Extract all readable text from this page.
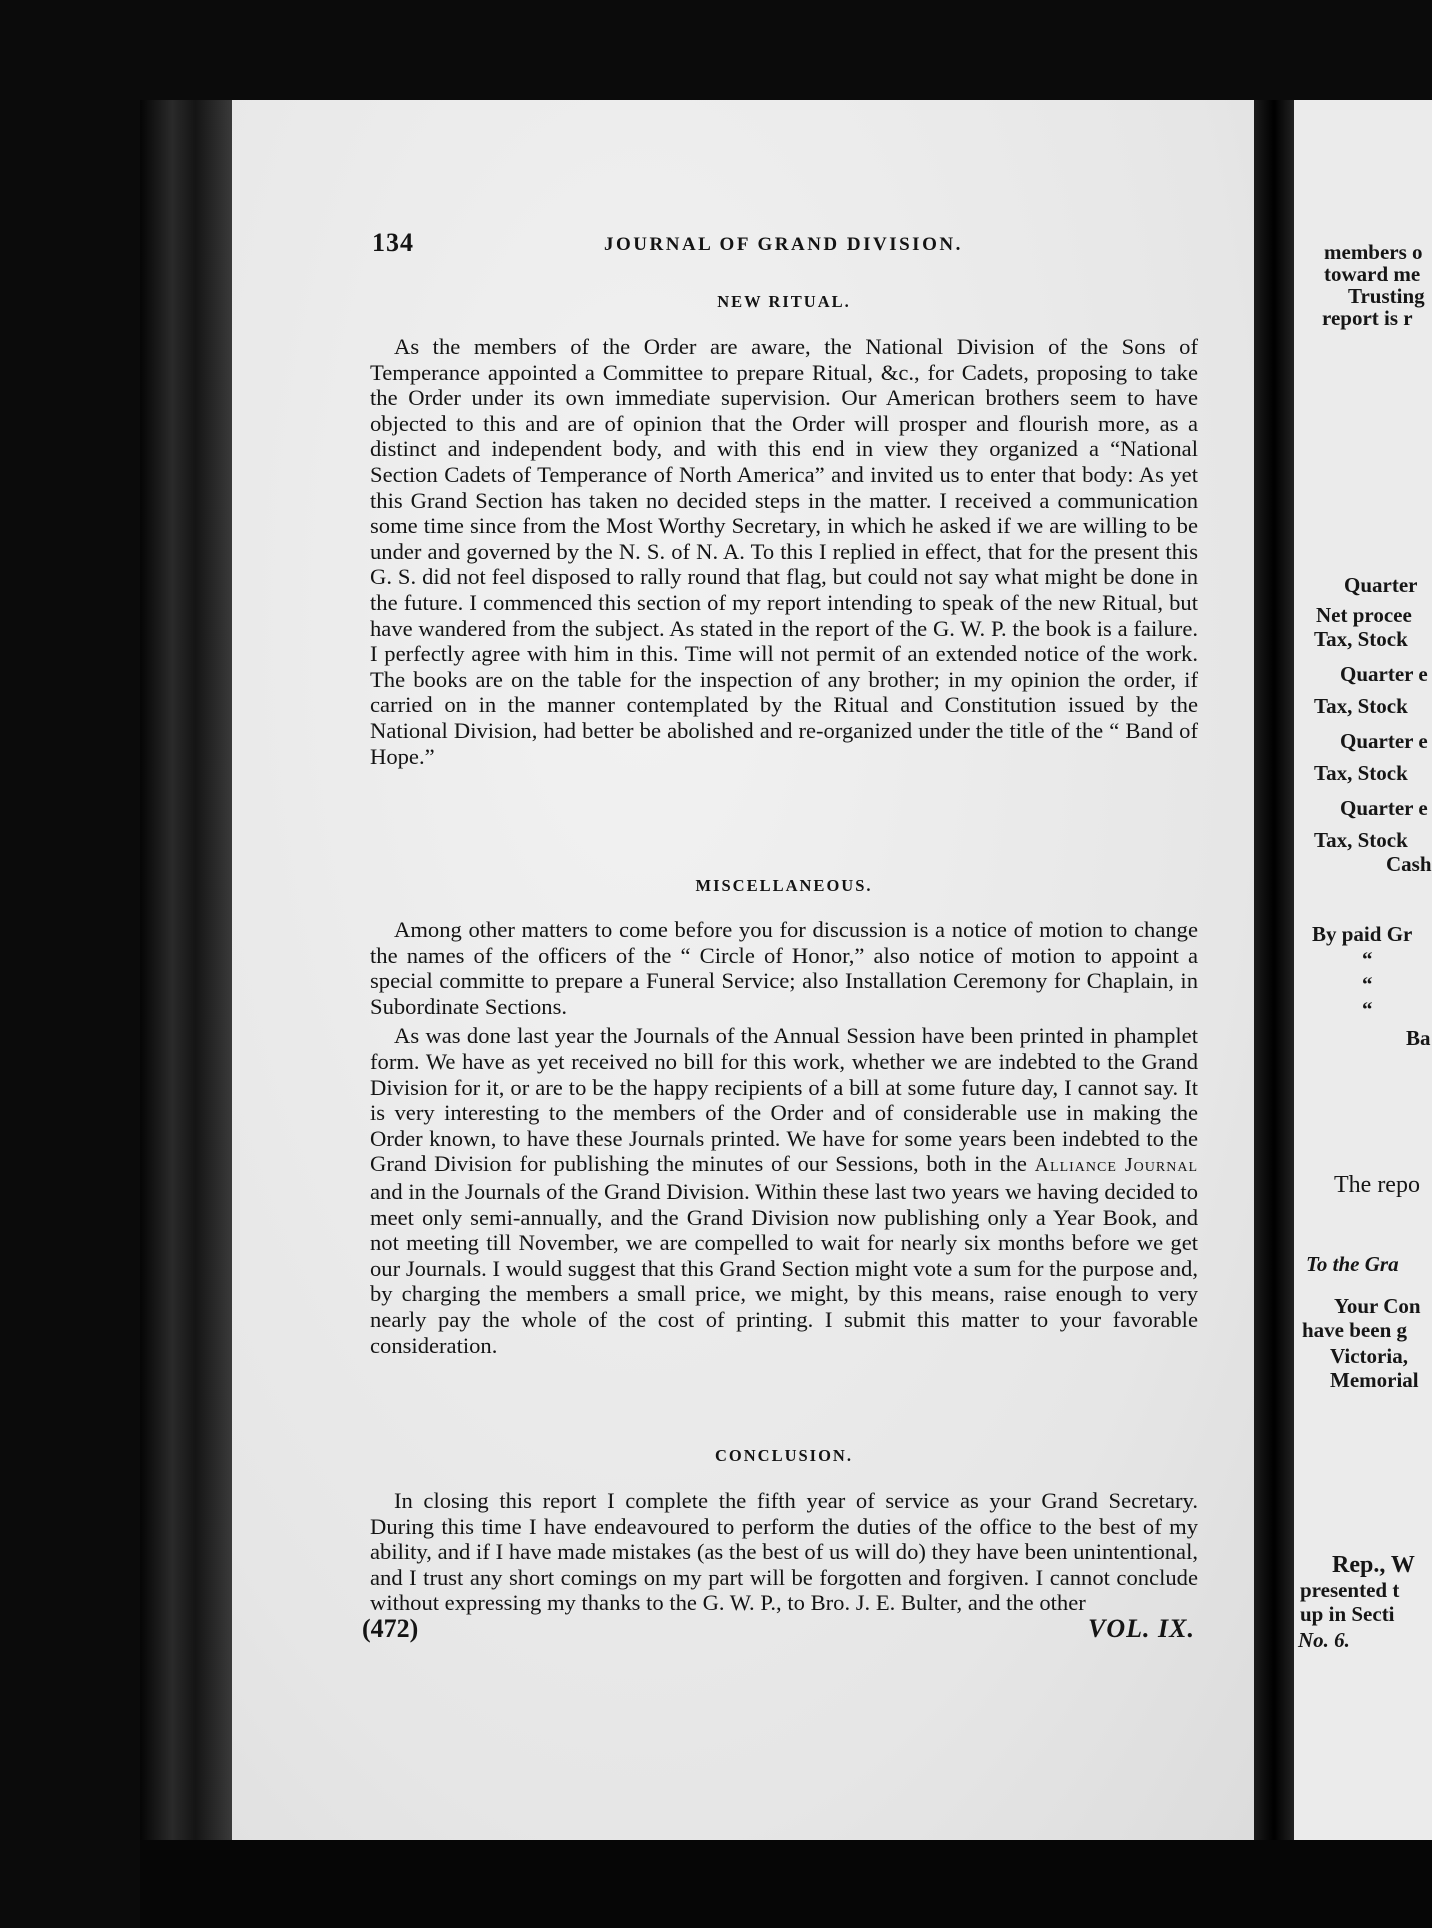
members o
toward me
Trusting
report is r
Quarter
Net procee
Tax, Stock
Quarter e
Tax, Stock
Quarter e
Tax, Stock
Quarter e
Tax, Stock
Cash
By paid Gr
“
“
“
Ba
The repo
To the Gra
Your Con
have been g
Victoria,
Memorial
Rep., W
presented t
up in Secti
No. 6.
134	JOURNAL OF GRAND DIVISION.
NEW RITUAL.

As the members of the Order are aware, the National Division of the Sons of Temperance appointed a Committee to prepare Ritual, &c., for Cadets, proposing to take the Order under its own immediate supervision. Our American brothers seem to have objected to this and are of opinion that the Order will prosper and flourish more, as a distinct and independent body, and with this end in view they organized a “National Section Cadets of Temperance of North America” and invited us to enter that body: As yet this Grand Section has taken no decided steps in the matter. I received a communication some time since from the Most Worthy Secretary, in which he asked if we are willing to be under and governed by the N. S. of N. A. To this I replied in effect, that for the present this G. S. did not feel disposed to rally round that flag, but could not say what might be done in the future. I commenced this section of my report intending to speak of the new Ritual, but have wandered from the subject. As stated in the report of the G. W. P. the book is a failure. I perfectly agree with him in this. Time will not permit of an extended notice of the work. The books are on the table for the inspection of any brother; in my opinion the order, if carried on in the manner contemplated by the Ritual and Constitution issued by the National Division, had better be abolished and re-organized under the title of the “ Band of Hope.”

MISCELLANEOUS.

Among other matters to come before you for discussion is a notice of motion to change the names of the officers of the “ Circle of Honor,” also notice of motion to appoint a special committe to prepare a Funeral Service; also Installation Ceremony for Chaplain, in Subordinate Sections.

As was done last year the Journals of the Annual Session have been printed in phamplet form. We have as yet received no bill for this work, whether we are indebted to the Grand Division for it, or are to be the happy recipients of a bill at some future day, I cannot say. It is very interesting to the members of the Order and of considerable use in making the Order known, to have these Journals printed. We have for some years been indebted to the Grand Division for publishing the minutes of our Sessions, both in the Alliance Journal and in the Journals of the Grand Division. Within these last two years we having decided to meet only semi-annually, and the Grand Division now publishing only a Year Book, and not meeting till November, we are compelled to wait for nearly six months before we get our Journals. I would suggest that this Grand Section might vote a sum for the purpose and, by charging the members a small price, we might, by this means, raise enough to very nearly pay the whole of the cost of printing. I submit this matter to your favorable consideration.

CONCLUSION.

In closing this report I complete the fifth year of service as your Grand Secretary. During this time I have endeavoured to perform the duties of the office to the best of my ability, and if I have made mistakes (as the best of us will do) they have been unintentional, and I trust any short comings on my part will be forgotten and forgiven. I cannot conclude without expressing my thanks to the G. W. P., to Bro. J. E. Bulter, and the other

(472)	VOL. IX.
